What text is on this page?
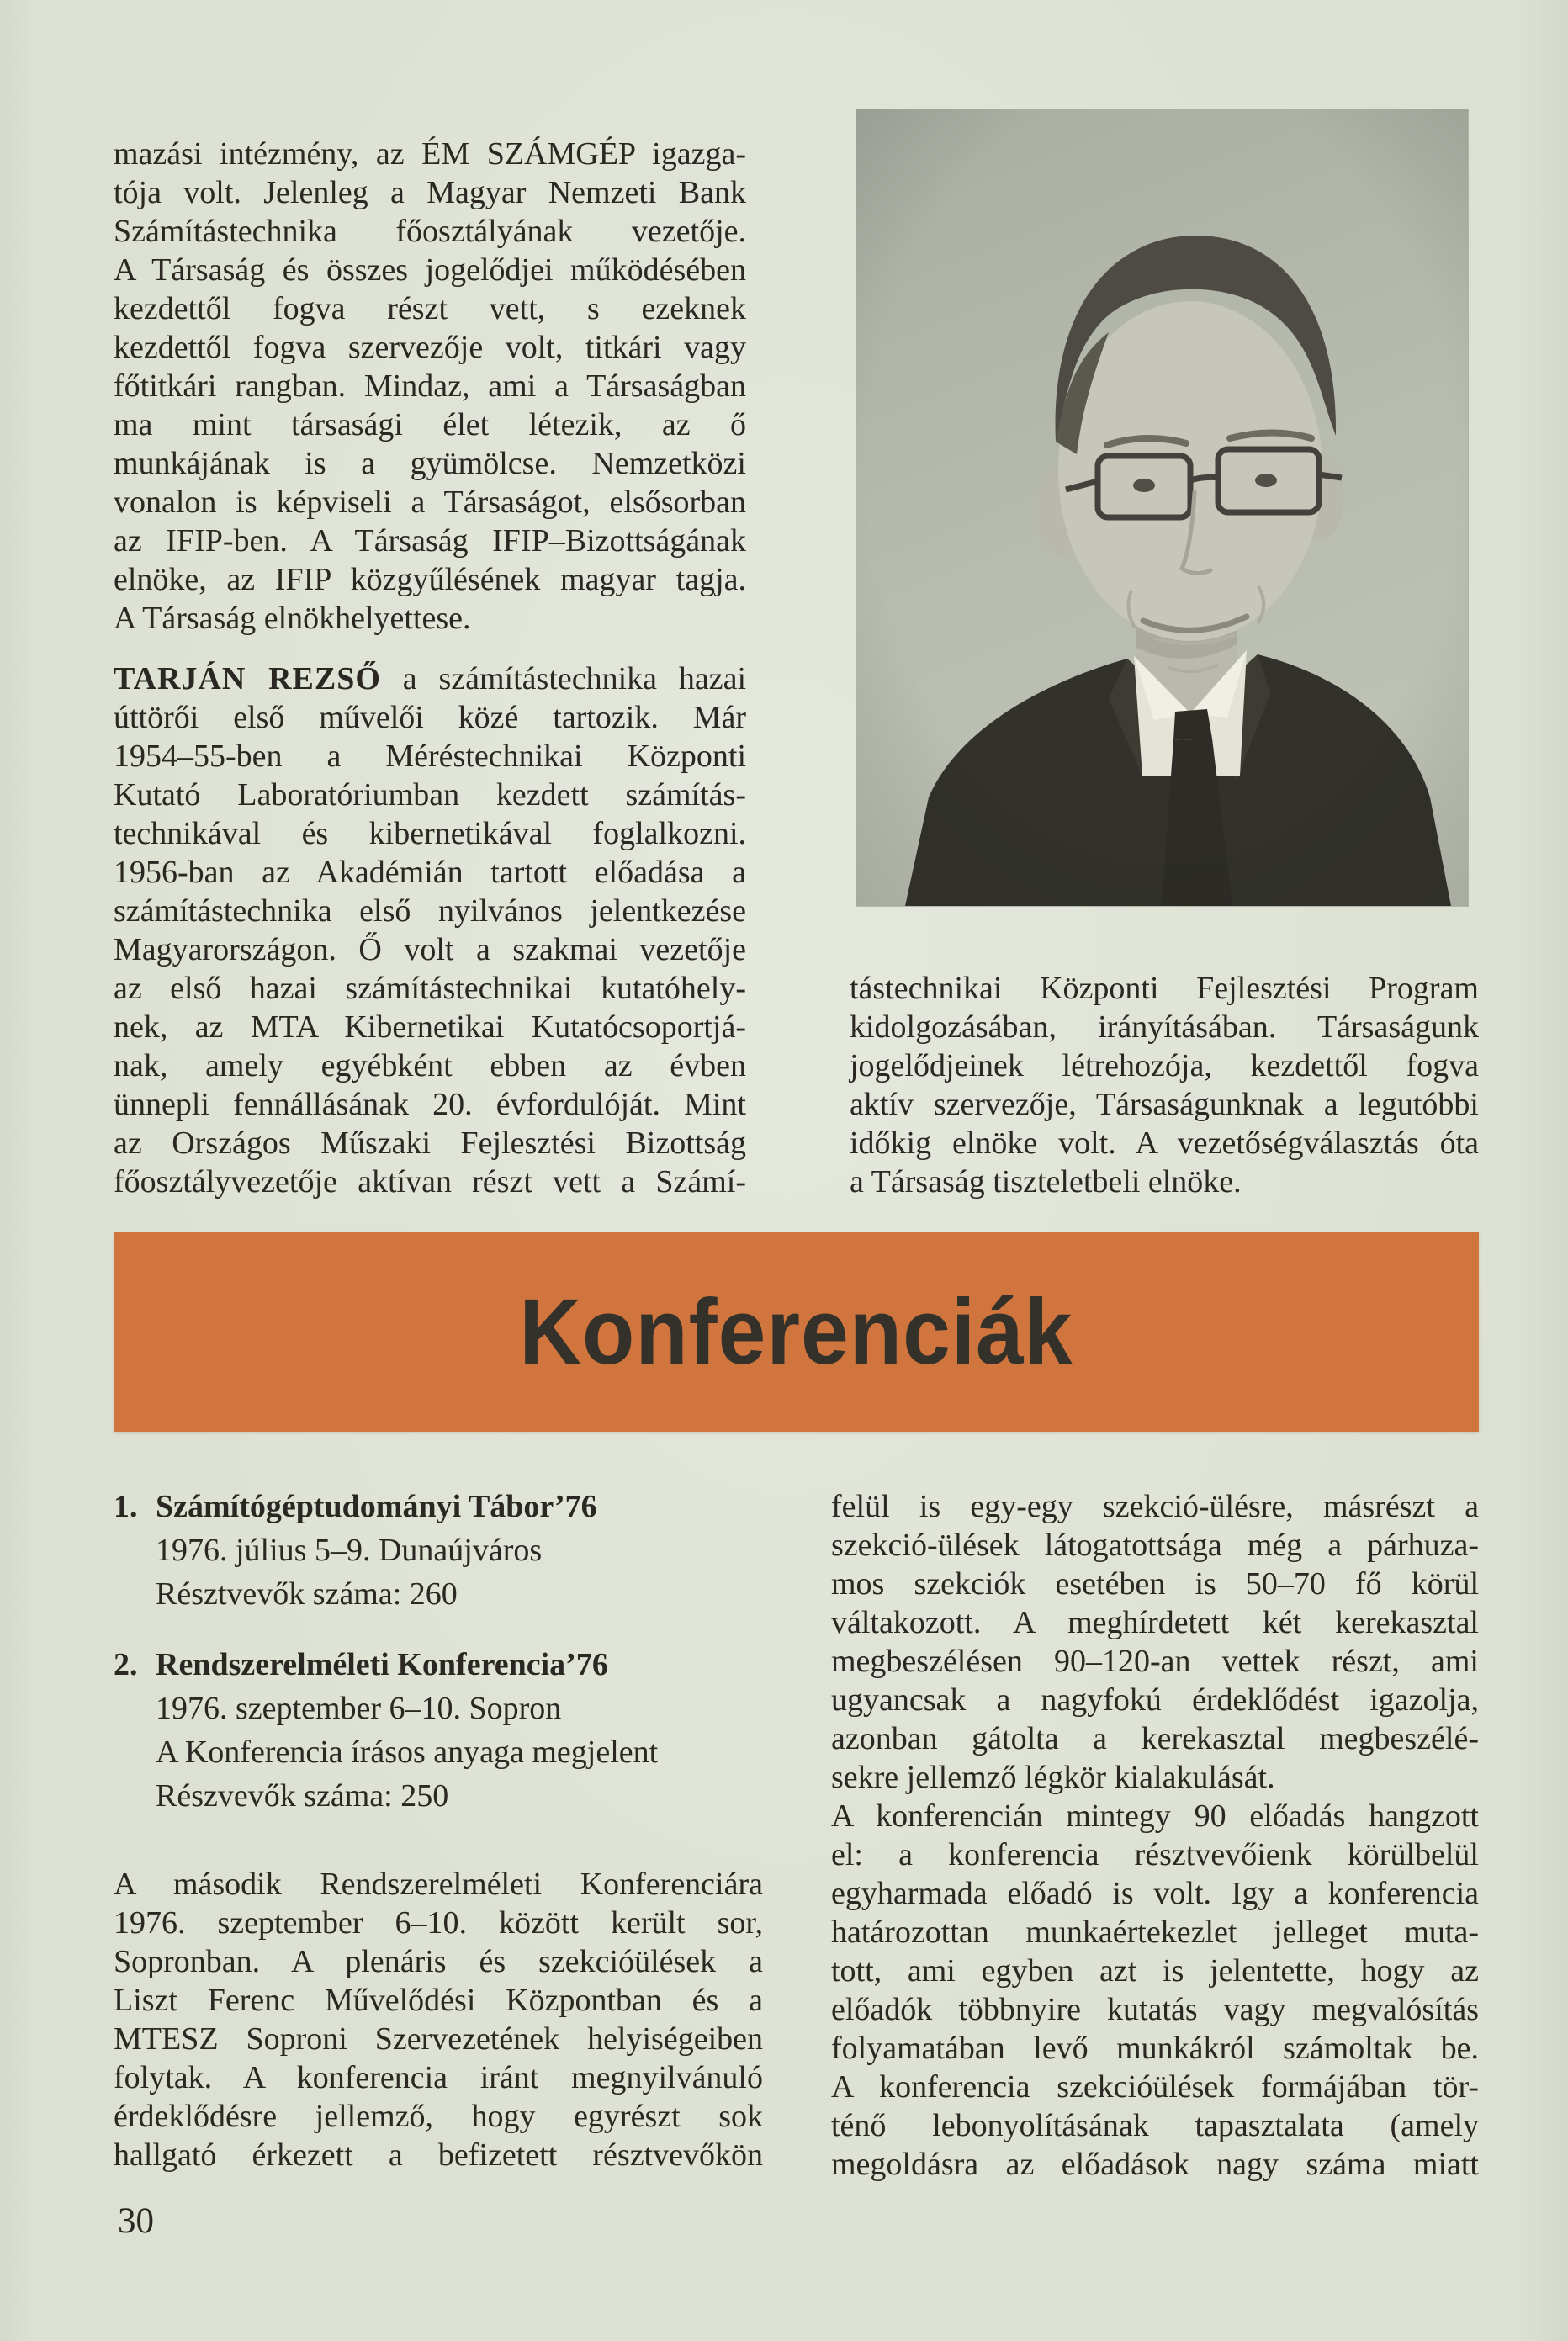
mazási intézmény, az ÉM SZÁMGÉP igazga-
tója volt. Jelenleg a Magyar Nemzeti Bank
Számítástechnika főosztályának vezetője.
A Társaság és összes jogelődjei működésében
kezdettől fogva részt vett, s ezeknek
kezdettől fogva szervezője volt, titkári vagy
főtitkári rangban. Mindaz, ami a Társaságban
ma mint társasági élet létezik, az ő
munkájának is a gyümölcse. Nemzetközi
vonalon is képviseli a Társaságot, elsősorban
az IFIP-ben. A Társaság IFIP–Bizottságának
elnöke, az IFIP közgyűlésének magyar tagja.
A Társaság elnökhelyettese.
TARJÁN REZSŐ a számítástechnika hazai
úttörői első művelői közé tartozik. Már
1954–55-ben a Méréstechnikai Központi
Kutató Laboratóriumban kezdett számítás-
technikával és kibernetikával foglalkozni.
1956-ban az Akadémián tartott előadása a
számítástechnika első nyilvános jelentkezése
Magyarországon. Ő volt a szakmai vezetője
az első hazai számítástechnikai kutatóhely-
nek, az MTA Kibernetikai Kutatócsoportjá-
nak, amely egyébként ebben az évben
ünnepli fennállásának 20. évfordulóját. Mint
az Országos Műszaki Fejlesztési Bizottság
főosztályvezetője aktívan részt vett a Számí-
tástechnikai Központi Fejlesztési Program
kidolgozásában, irányításában. Társaságunk
jogelődjeinek létrehozója, kezdettől fogva
aktív szervezője, Társaságunknak a legutóbbi
időkig elnöke volt. A vezetőségválasztás óta
a Társaság tiszteletbeli elnöke.
Konferenciák
1. Számítógéptudományi Tábor’76
1976. július 5–9. Dunaújváros
Résztvevők száma: 260
2. Rendszerelméleti Konferencia’76
1976. szeptember 6–10. Sopron
A Konferencia írásos anyaga megjelent
Részvevők száma: 250
A második Rendszerelméleti Konferenciára
1976. szeptember 6–10. között került sor,
Sopronban. A plenáris és szekcióülések a
Liszt Ferenc Művelődési Központban és a
MTESZ Soproni Szervezetének helyiségeiben
folytak. A konferencia iránt megnyilvánuló
érdeklődésre jellemző, hogy egyrészt sok
hallgató érkezett a befizetett résztvevőkön
felül is egy-egy szekció-ülésre, másrészt a
szekció-ülések látogatottsága még a párhuza-
mos szekciók esetében is 50–70 fő körül
váltakozott. A meghírdetett két kerekasztal
megbeszélésen 90–120-an vettek részt, ami
ugyancsak a nagyfokú érdeklődést igazolja,
azonban gátolta a kerekasztal megbeszélé-
sekre jellemző légkör kialakulását.
A konferencián mintegy 90 előadás hangzott
el: a konferencia résztvevőienk körülbelül
egyharmada előadó is volt. Igy a konferencia
határozottan munkaértekezlet jelleget muta-
tott, ami egyben azt is jelentette, hogy az
előadók többnyire kutatás vagy megvalósítás
folyamatában levő munkákról számoltak be.
A konferencia szekcióülések formájában tör-
ténő lebonyolításának tapasztalata (amely
megoldásra az előadások nagy száma miatt
30
